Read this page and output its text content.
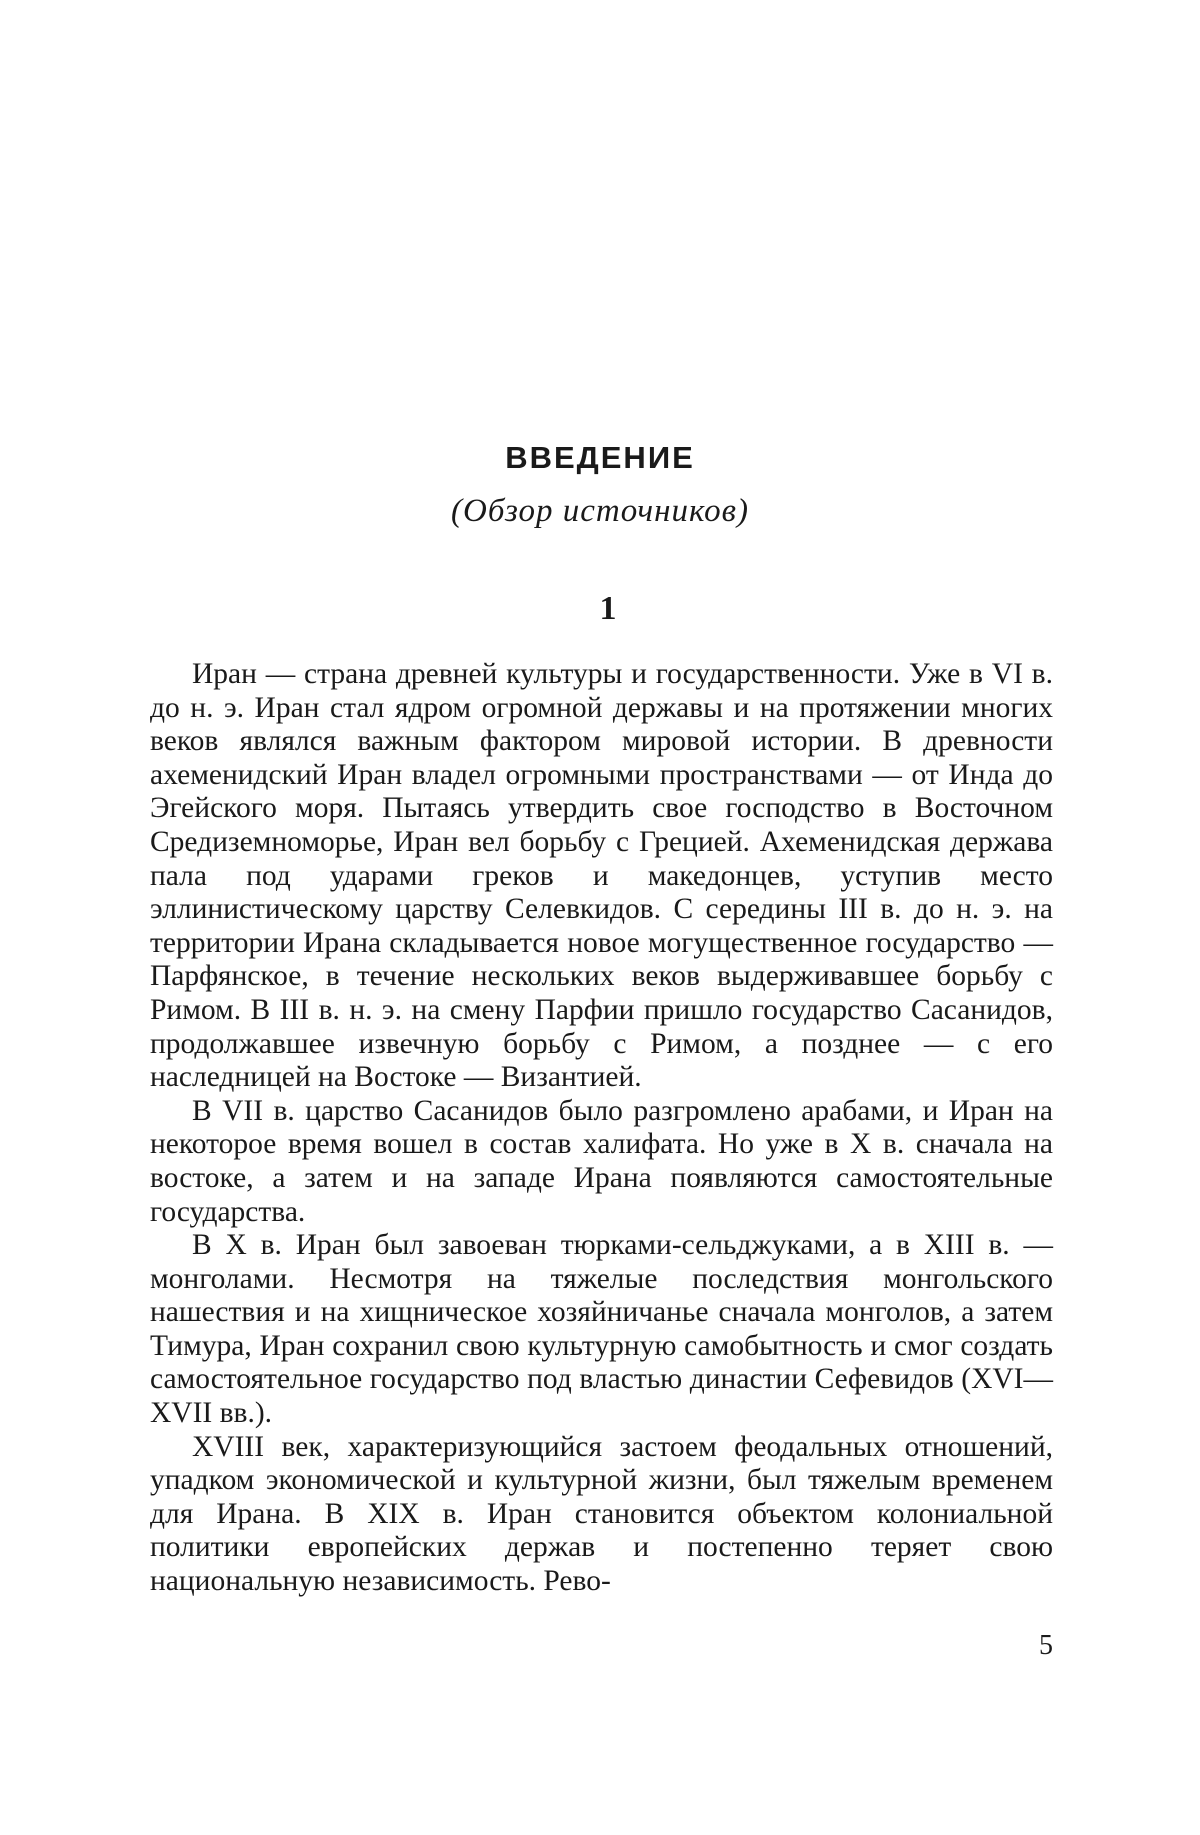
ВВЕДЕНИЕ
(Обзор источников)
1

Иран — страна древней культуры и государственности. Уже в VI в. до н. э. Иран стал ядром огромной державы и на протяжении многих веков являлся важным фактором мировой истории. В древности ахеменидский Иран владел огромными пространствами — от Инда до Эгейского моря. Пытаясь утвердить свое господство в Восточном Средиземноморье, Иран вел борьбу с Грецией. Ахеменидская держава пала под ударами греков и македонцев, уступив место эллинистическому царству Селевкидов. С середины III в. до н. э. на территории Ирана складывается новое могущественное государство — Парфянское, в течение нескольких веков выдерживавшее борьбу с Римом. В III в. н. э. на смену Парфии пришло государство Сасанидов, продолжавшее извечную борьбу с Римом, а позднее — с его наследницей на Востоке — Византией.

В VII в. царство Сасанидов было разгромлено арабами, и Иран на некоторое время вошел в состав халифата. Но уже в X в. сначала на востоке, а затем и на западе Ирана появляются самостоятельные государства.

В X в. Иран был завоеван тюрками-сельджуками, а в XIII в. — монголами. Несмотря на тяжелые последствия монгольского нашествия и на хищническое хозяйничанье сначала монголов, а затем Тимура, Иран сохранил свою культурную самобытность и смог создать самостоятельное государство под властью династии Сефевидов (XVI—XVII вв.).

XVIII век, характеризующийся застоем феодальных отношений, упадком экономической и культурной жизни, был тяжелым временем для Ирана. В XIX в. Иран становится объектом колониальной политики европейских держав и постепенно теряет свою национальную независимость. Рево-

5
